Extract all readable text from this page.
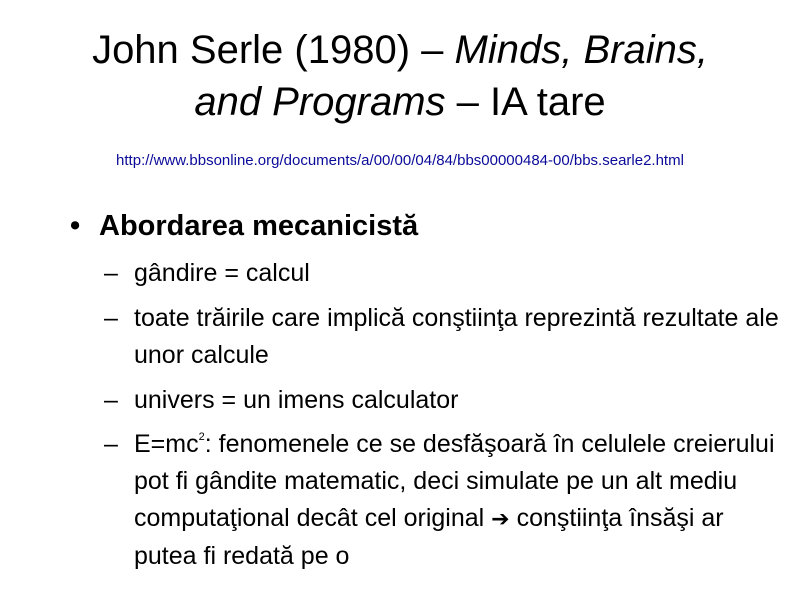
John Serle (1980) – Minds, Brains,
and Programs – IA tare
http://www.bbsonline.org/documents/a/00/00/04/84/bbs00000484-00/bbs.searle2.html
• Abordarea mecanicistă
– gândire = calcul
– toate trăirile care implică conştiinţa reprezintă rezultate ale unor calcule
– univers = un imens calculator
– $E=mc^2$: fenomenele ce se desfăşoară în celulele creierului pot fi gândite matematic, deci simulate pe un alt mediu computaţional decât cel original ➔ conştiinţa însăşi ar putea fi redată pe o
